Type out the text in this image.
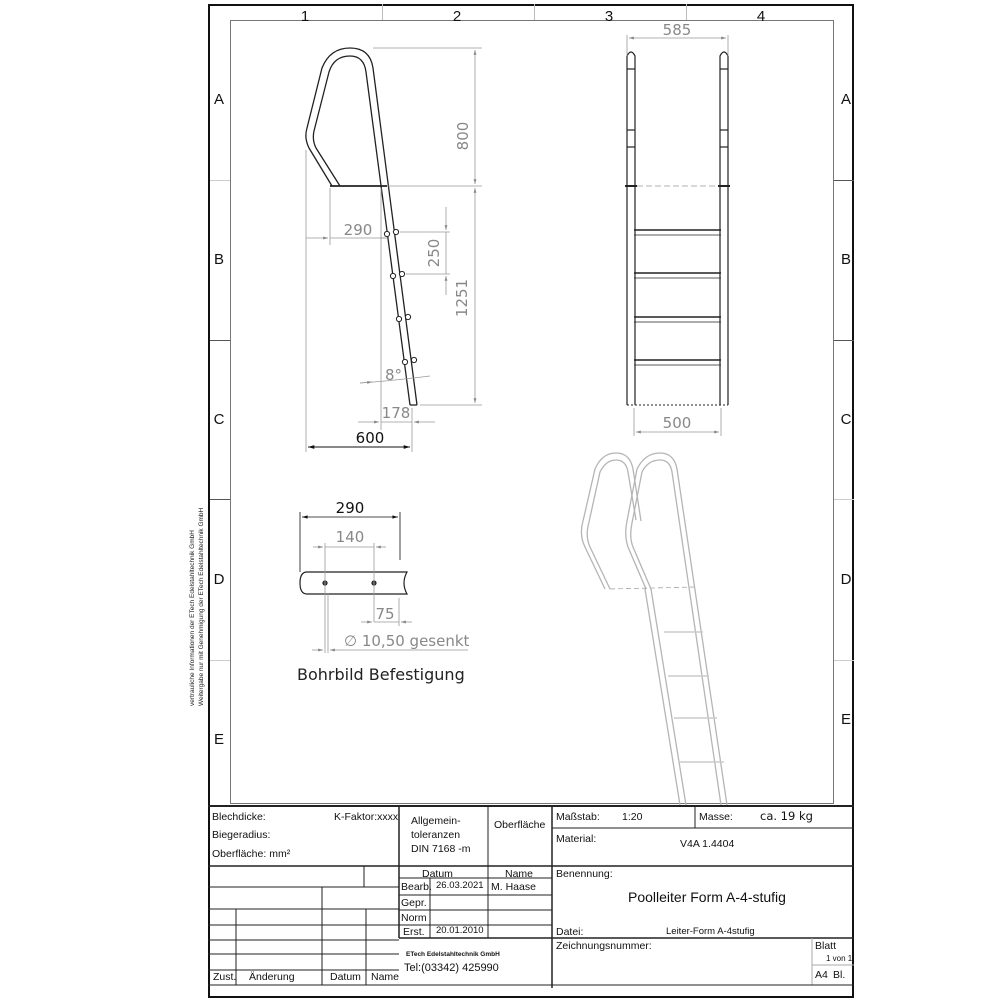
1	2	3	4
A
B
C
D
E
A
B
C
D
E
vertrauliche Informationen der ETech Edelstahltechnik GmbH Weitergabe nur mit Genehmigung der ETech Edelstahltechnik GmbH
800
1251
250
290
8°
178
600
585
500
290
140
75
∅ 10,50 gesenkt
Bohrbild Befestigung
Blechdicke:	K-Faktor:xxxx
Biegeradius:
Oberfläche: mm²
Allgemein-
toleranzen
DIN 7168 -m
Oberfläche
Maßstab: 1:20	Masse: ca. 19 kg
Material:	V4A 1.4404
Datum	Name
Bearb. 26.03.2021 M. Haase
Gepr.
Norm
Erst. 20.01.2010
Benennung:
Poolleiter Form A-4-stufig
Datei:	Leiter-Form A-4stufig
ETech Edelstahltechnik GmbH
Tel:(03342) 425990
Zeichnungsnummer:	Blatt
1 von 1
A4 Bl.
Zust. Änderung	Datum Name
